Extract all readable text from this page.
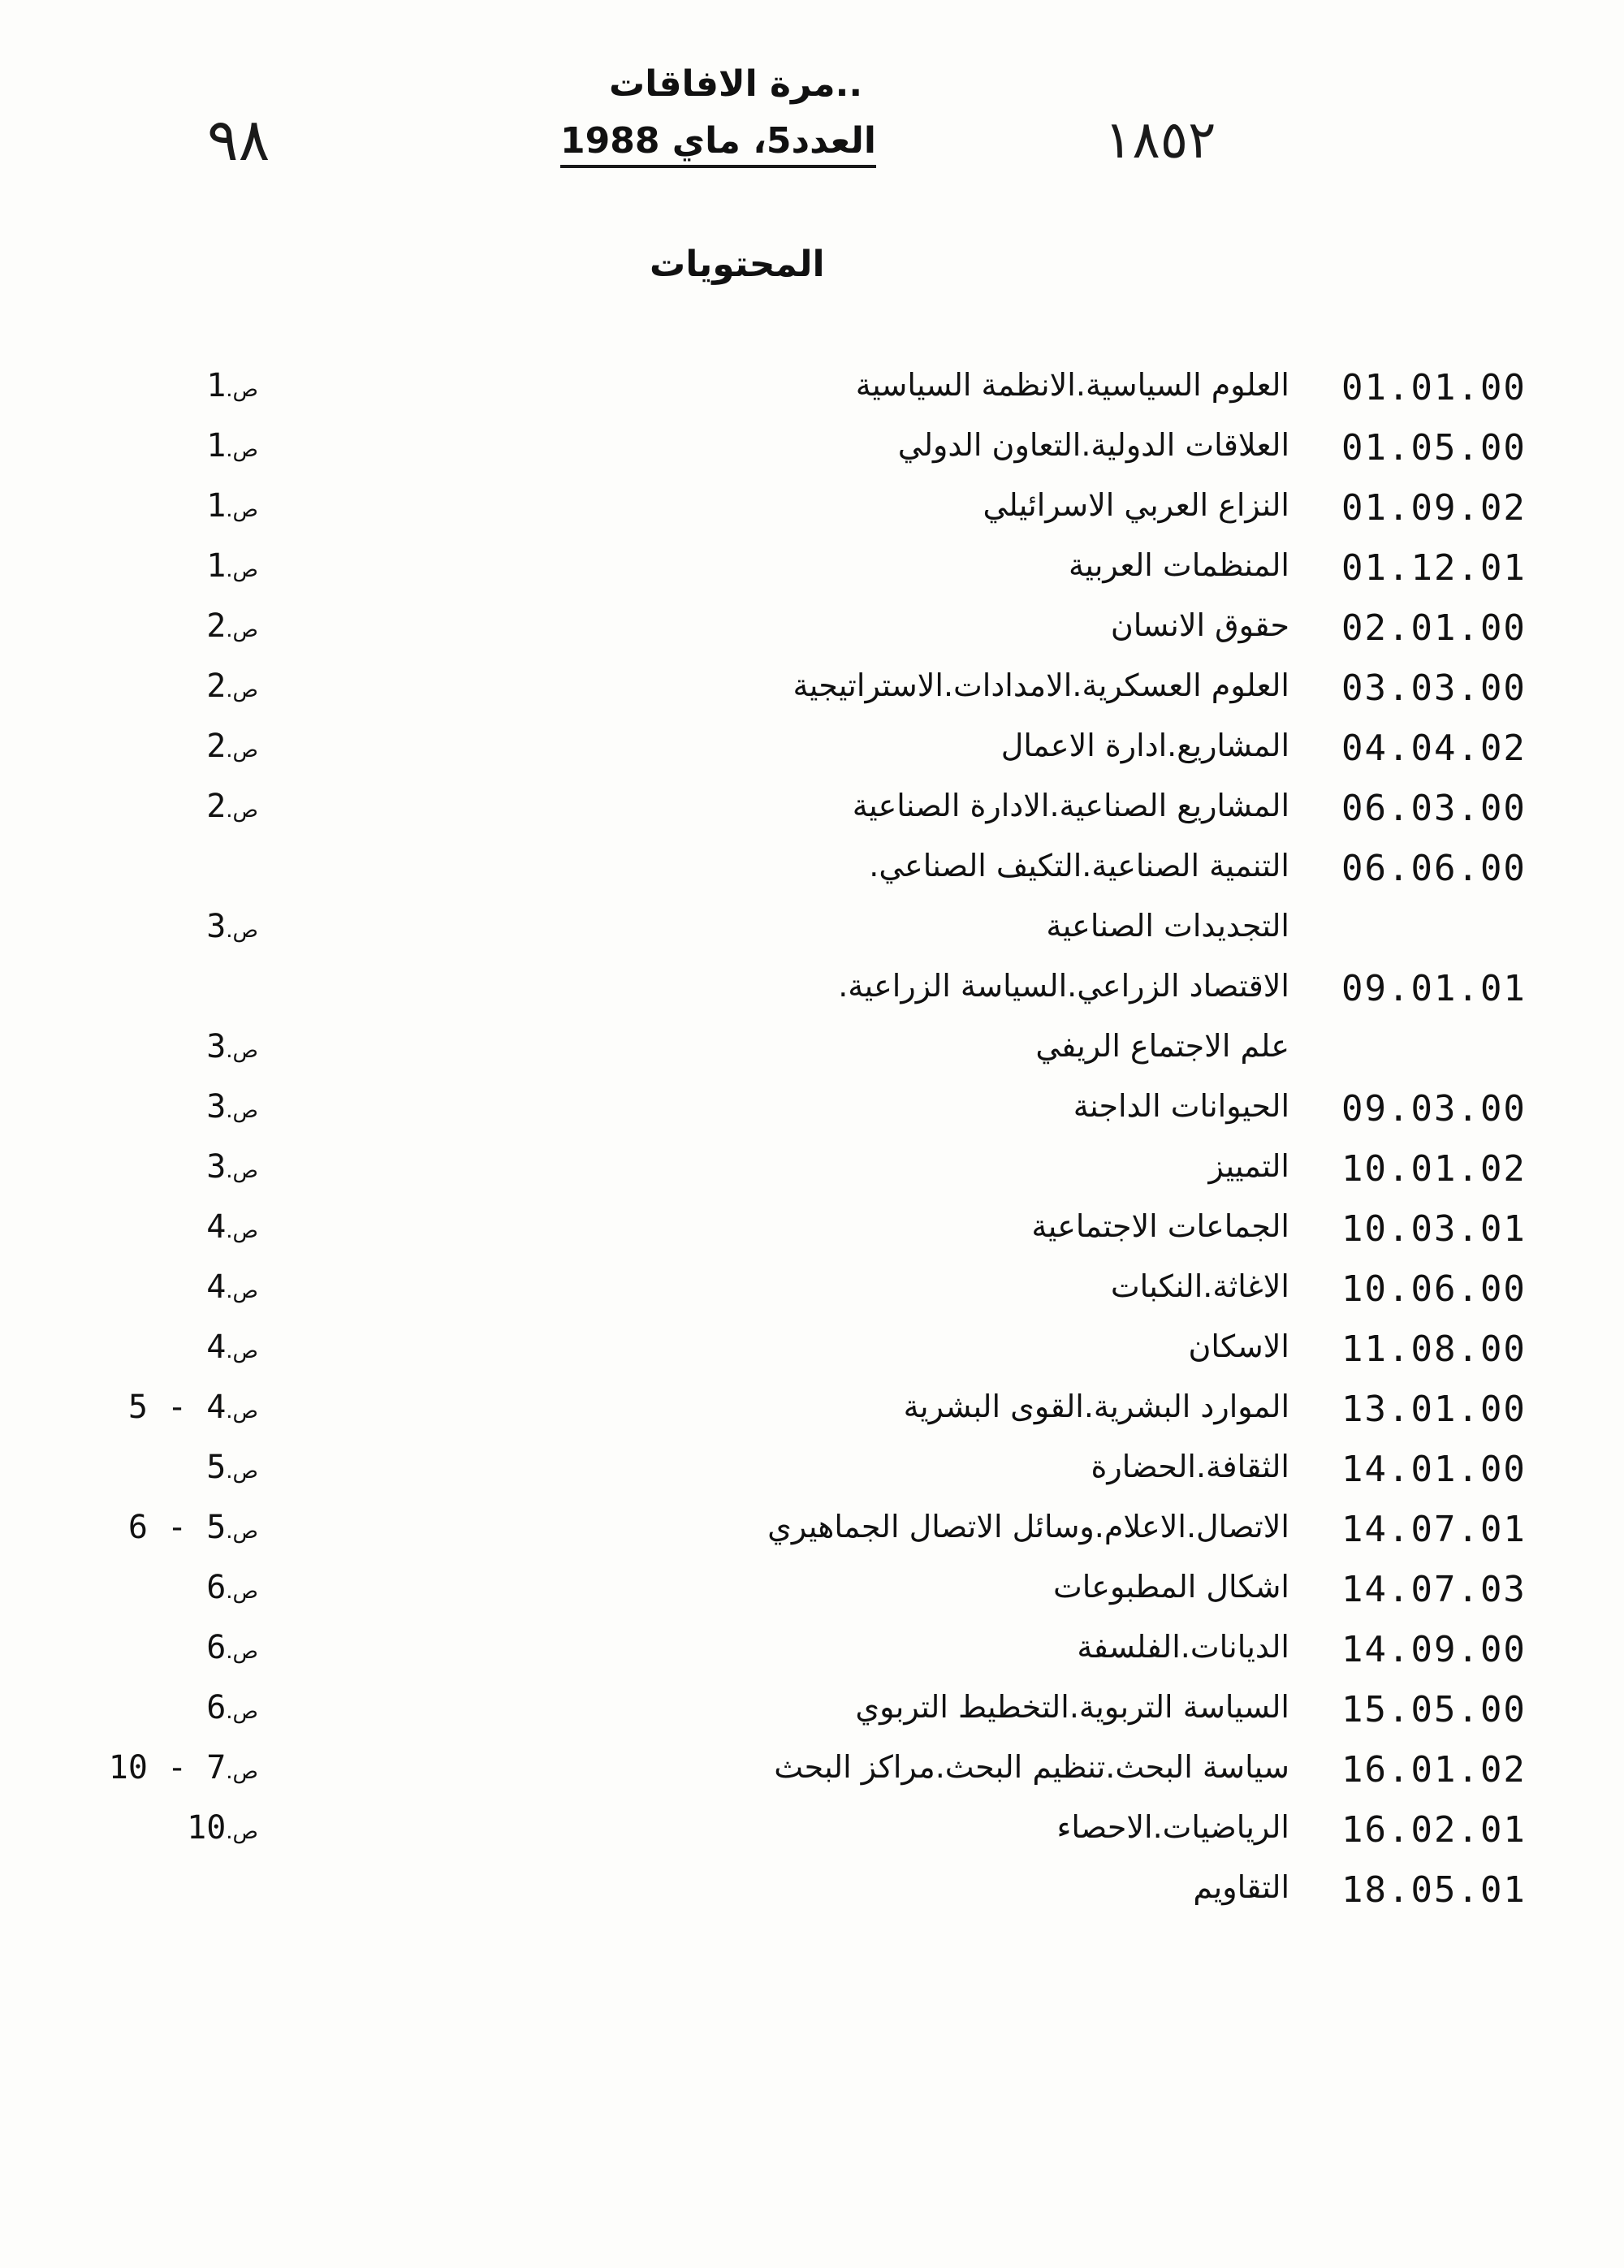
٩٨	١٨٥٢
..مرة الافاقات
العدد5، ماي 1988
المحتويات
01.01.00
العلوم السياسية.الانظمة السياسية
ص.1
01.05.00
العلاقات الدولية.التعاون الدولي
ص.1
01.09.02
النزاع العربي الاسرائيلي
ص.1
01.12.01
المنظمات العربية
ص.1
02.01.00
حقوق الانسان
ص.2
03.03.00
العلوم العسكرية.الامدادات.الاستراتيجية
ص.2
04.04.02
المشاريع.ادارة الاعمال
ص.2
06.03.00
المشاريع الصناعية.الادارة الصناعية
ص.2
06.06.00
التنمية الصناعية.التكيف الصناعي.
التجديدات الصناعية
ص.3
09.01.01
الاقتصاد الزراعي.السياسة الزراعية.
علم الاجتماع الريفي
ص.3
09.03.00
الحيوانات الداجنة
ص.3
10.01.02
التمييز
ص.3
10.03.01
الجماعات الاجتماعية
ص.4
10.06.00
الاغاثة.النكبات
ص.4
11.08.00
الاسكان
ص.4
13.01.00
الموارد البشرية.القوى البشرية
ص.4 - 5
14.01.00
الثقافة.الحضارة
ص.5
14.07.01
الاتصال.الاعلام.وسائل الاتصال الجماهيري
ص.5 - 6
14.07.03
اشكال المطبوعات
ص.6
14.09.00
الديانات.الفلسفة
ص.6
15.05.00
السياسة التربوية.التخطيط التربوي
ص.6
16.01.02
سياسة البحث.تنظيم البحث.مراكز البحث
ص.7 - 10
16.02.01
الرياضيات.الاحصاء
ص.10
18.05.01
التقاويم
